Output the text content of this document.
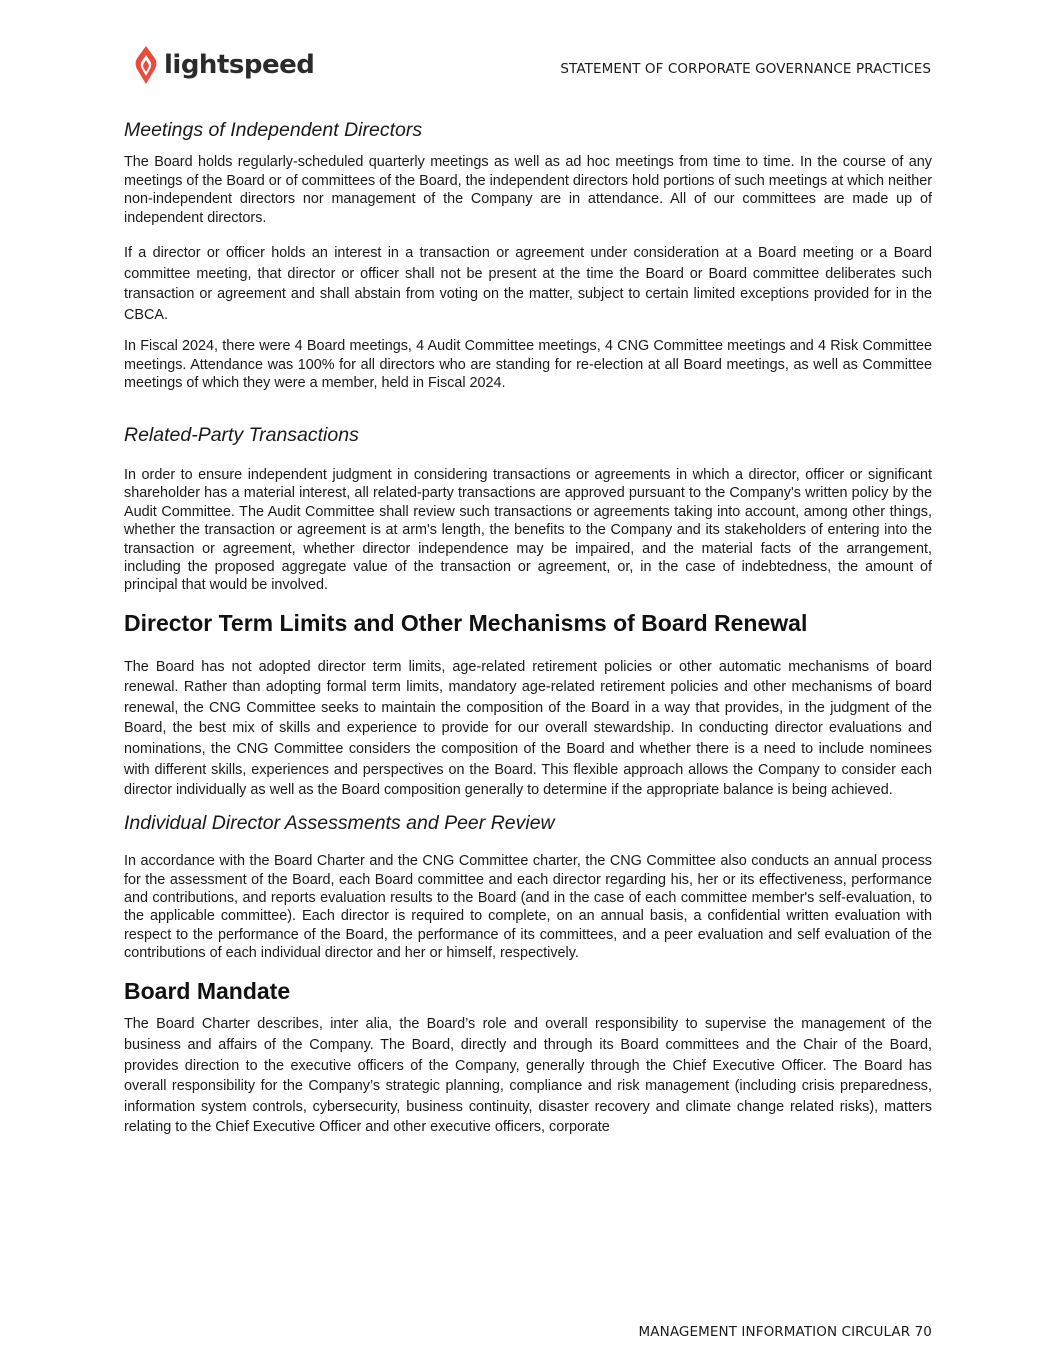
lightspeed	STATEMENT OF CORPORATE GOVERNANCE PRACTICES
Meetings of Independent Directors

The Board holds regularly-scheduled quarterly meetings as well as ad hoc meetings from time to time. In the course of any meetings of the Board or of committees of the Board, the independent directors hold portions of such meetings at which neither non-independent directors nor management of the Company are in attendance. All of our committees are made up of independent directors.

If a director or officer holds an interest in a transaction or agreement under consideration at a Board meeting or a Board committee meeting, that director or officer shall not be present at the time the Board or Board committee deliberates such transaction or agreement and shall abstain from voting on the matter, subject to certain limited exceptions provided for in the CBCA.

In Fiscal 2024, there were 4 Board meetings, 4 Audit Committee meetings, 4 CNG Committee meetings and 4 Risk Committee meetings. Attendance was 100% for all directors who are standing for re-election at all Board meetings, as well as Committee meetings of which they were a member, held in Fiscal 2024.

Related-Party Transactions

In order to ensure independent judgment in considering transactions or agreements in which a director, officer or significant shareholder has a material interest, all related-party transactions are approved pursuant to the Company's written policy by the Audit Committee. The Audit Committee shall review such transactions or agreements taking into account, among other things, whether the transaction or agreement is at arm's length, the benefits to the Company and its stakeholders of entering into the transaction or agreement, whether director independence may be impaired, and the material facts of the arrangement, including the proposed aggregate value of the transaction or agreement, or, in the case of indebtedness, the amount of principal that would be involved.

Director Term Limits and Other Mechanisms of Board Renewal

The Board has not adopted director term limits, age-related retirement policies or other automatic mechanisms of board renewal. Rather than adopting formal term limits, mandatory age-related retirement policies and other mechanisms of board renewal, the CNG Committee seeks to maintain the composition of the Board in a way that provides, in the judgment of the Board, the best mix of skills and experience to provide for our overall stewardship. In conducting director evaluations and nominations, the CNG Committee considers the composition of the Board and whether there is a need to include nominees with different skills, experiences and perspectives on the Board. This flexible approach allows the Company to consider each director individually as well as the Board composition generally to determine if the appropriate balance is being achieved.

Individual Director Assessments and Peer Review

In accordance with the Board Charter and the CNG Committee charter, the CNG Committee also conducts an annual process for the assessment of the Board, each Board committee and each director regarding his, her or its effectiveness, performance and contributions, and reports evaluation results to the Board (and in the case of each committee member's self-evaluation, to the applicable committee). Each director is required to complete, on an annual basis, a confidential written evaluation with respect to the performance of the Board, the performance of its committees, and a peer evaluation and self evaluation of the contributions of each individual director and her or himself, respectively.

Board Mandate

The Board Charter describes, inter alia, the Board’s role and overall responsibility to supervise the management of the business and affairs of the Company. The Board, directly and through its Board committees and the Chair of the Board, provides direction to the executive officers of the Company, generally through the Chief Executive Officer. The Board has overall responsibility for the Company’s strategic planning, compliance and risk management (including crisis preparedness, information system controls, cybersecurity, business continuity, disaster recovery and climate change related risks), matters relating to the Chief Executive Officer and other executive officers, corporate

MANAGEMENT INFORMATION CIRCULAR 70
